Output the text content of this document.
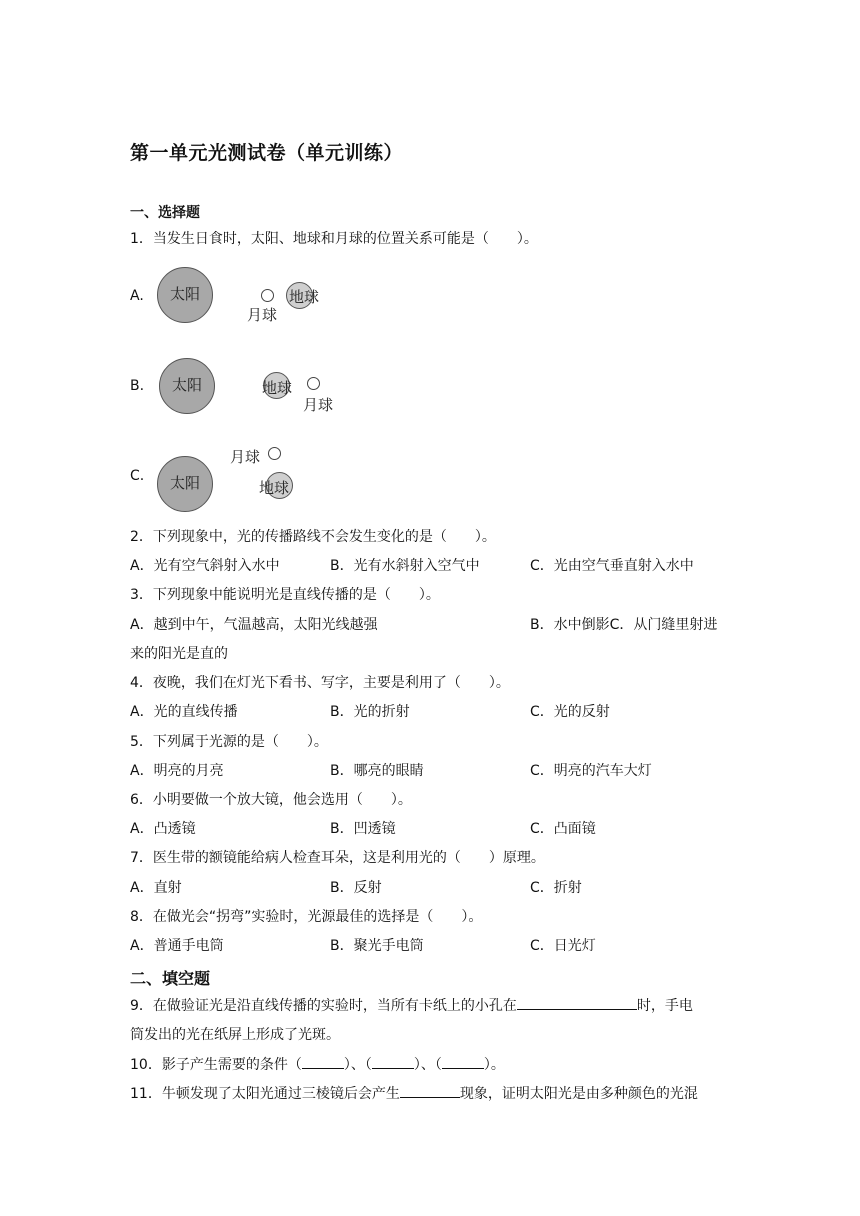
第一单元光测试卷（单元训练）
一、选择题
1．当发生日食时，太阳、地球和月球的位置关系可能是（　　）。
A.	太阳
月球
地球
B.	太阳	地球
月球
C.	太阳
月球
地球
2．下列现象中，光的传播路线不会发生变化的是（　　）。
A．光有空气斜射入水中	B．光有水斜射入空气中	C．光由空气垂直射入水中
3．下列现象中能说明光是直线传播的是（　　）。
A．越到中午，气温越高，太阳光线越强	B．水中倒影C．从门缝里射进
来的阳光是直的
4．夜晚，我们在灯光下看书、写字，主要是利用了（　　）。
A．光的直线传播	B．光的折射	C．光的反射
5．下列属于光源的是（　　）。
A．明亮的月亮	B．哪亮的眼睛	C．明亮的汽车大灯
6．小明要做一个放大镜，他会选用（　　）。
A．凸透镜	B．凹透镜	C．凸面镜
7．医生带的额镜能给病人检查耳朵，这是利用光的（　　）原理。
A．直射	B．反射	C．折射
8．在做光会“拐弯”实验时，光源最佳的选择是（　　）。
A．普通手电筒	B．聚光手电筒	C．日光灯
二、填空题
9．在做验证光是沿直线传播的实验时，当所有卡纸上的小孔在	时，手电
筒发出的光在纸屏上形成了光斑。
10．影子产生需要的条件（	）、（	）、（	）。
11．牛顿发现了太阳光通过三棱镜后会产生	现象，证明太阳光是由多种颜色的光混
